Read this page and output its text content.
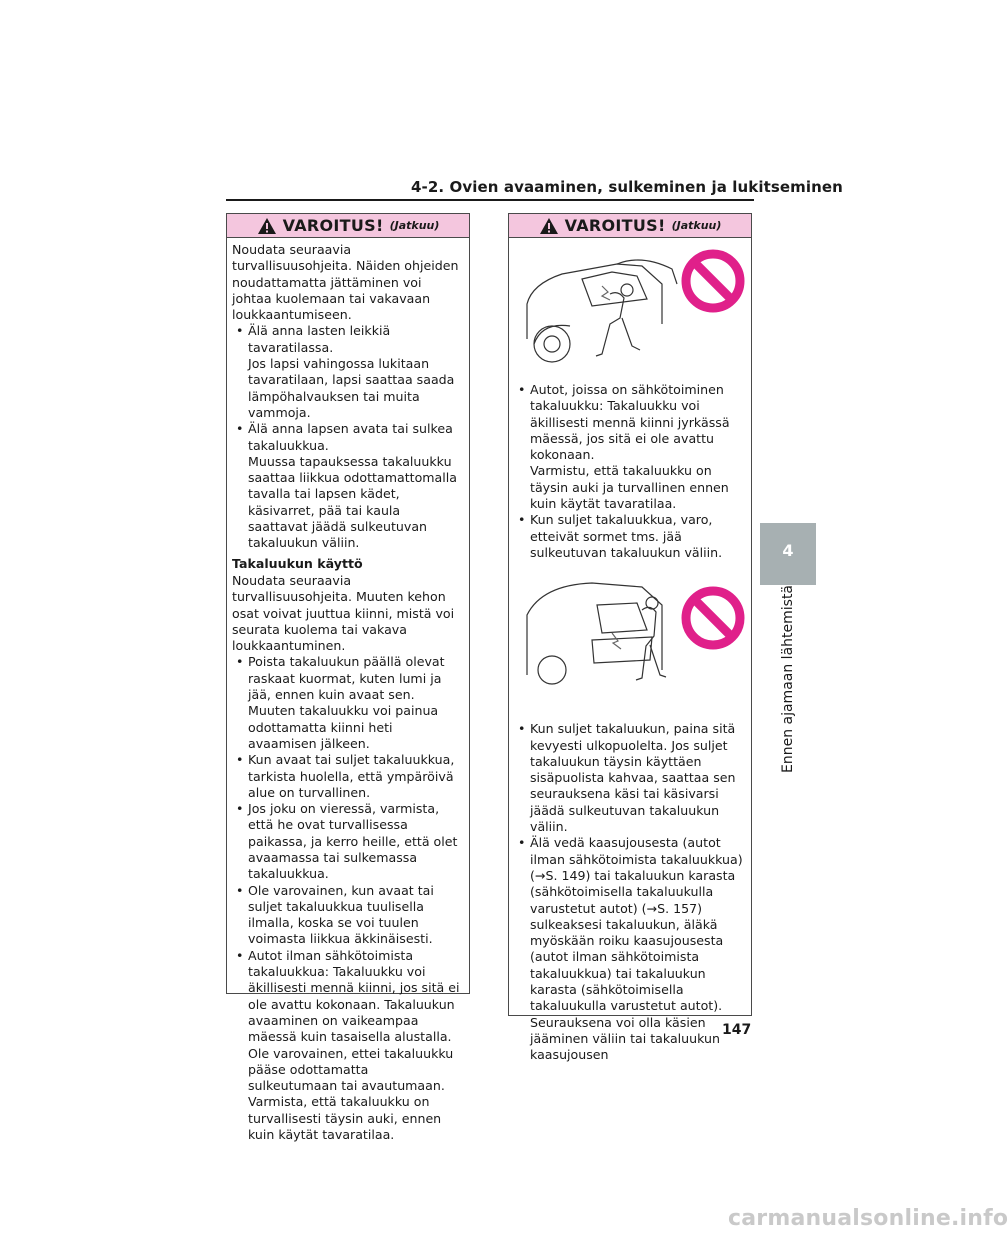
4-2. Ovien avaaminen, sulkeminen ja lukitseminen
VAROITUS! (Jatkuu)

Noudata seuraavia turvallisuusohjeita. Näiden ohjeiden noudattamatta jättäminen voi johtaa kuolemaan tai vakavaan loukkaantumiseen.

• Älä anna lasten leikkiä tavaratilassa.

Jos lapsi vahingossa lukitaan tavaratilaan, lapsi saattaa saada lämpöhalvauksen tai muita vammoja.

• Älä anna lapsen avata tai sulkea takaluukkua.

Muussa tapauksessa takaluukku saattaa liikkua odottamattomalla tavalla tai lapsen kädet, käsivarret, pää tai kaula saattavat jäädä sulkeutuvan takaluukun väliin.

Takaluukun käyttö

Noudata seuraavia turvallisuusohjeita. Muuten kehon osat voivat juuttua kiinni, mistä voi seurata kuolema tai vakava loukkaantuminen.

• Poista takaluukun päällä olevat raskaat kuormat, kuten lumi ja jää, ennen kuin avaat sen. Muuten takaluukku voi painua odottamatta kiinni heti avaamisen jälkeen.

• Kun avaat tai suljet takaluukkua, tarkista huolella, että ympäröivä alue on turvallinen.

• Jos joku on vieressä, varmista, että he ovat turvallisessa paikassa, ja kerro heille, että olet avaamassa tai sulkemassa takaluukkua.

• Ole varovainen, kun avaat tai suljet takaluukkua tuulisella ilmalla, koska se voi tuulen voimasta liikkua äkkinäisesti.

• Autot ilman sähkötoimista takaluukkua: Takaluukku voi äkillisesti mennä kiinni, jos sitä ei ole avattu kokonaan. Takaluukun avaaminen on vaikeampaa mäessä kuin tasaisella alustalla. Ole varovainen, ettei takaluukku pääse odottamatta sulkeutumaan tai avautumaan. Varmista, että takaluukku on turvallisesti täysin auki, ennen kuin käytät tavaratilaa.

VAROITUS! (Jatkuu)

• Autot, joissa on sähkötoiminen takaluukku: Takaluukku voi äkillisesti mennä kiinni jyrkässä mäessä, jos sitä ei ole avattu kokonaan.

Varmistu, että takaluukku on täysin auki ja turvallinen ennen kuin käytät tavaratilaa.

• Kun suljet takaluukkua, varo, etteivät sormet tms. jää sulkeutuvan takaluukun väliin.

• Kun suljet takaluukun, paina sitä kevyesti ulkopuolelta. Jos suljet takaluukun täysin käyttäen sisäpuolista kahvaa, saattaa sen seurauksena käsi tai käsivarsi jäädä sulkeutuvan takaluukun väliin.

• Älä vedä kaasujousesta (autot ilman sähkötoimista takaluukkua)(→S. 149) tai takaluukun karasta (sähkötoimisella takaluukulla varustetut autot) (→S. 157) sulkeaksesi takaluukun, äläkä myöskään roiku kaasujousesta (autot ilman sähkötoimista takaluukkua) tai takaluukun karasta (sähkötoimisella takaluukulla varustetut autot).

Seurauksena voi olla käsien jääminen väliin tai takaluukun kaasujousen

4
Ennen ajamaan lähtemistä
147
carmanualsonline.info
